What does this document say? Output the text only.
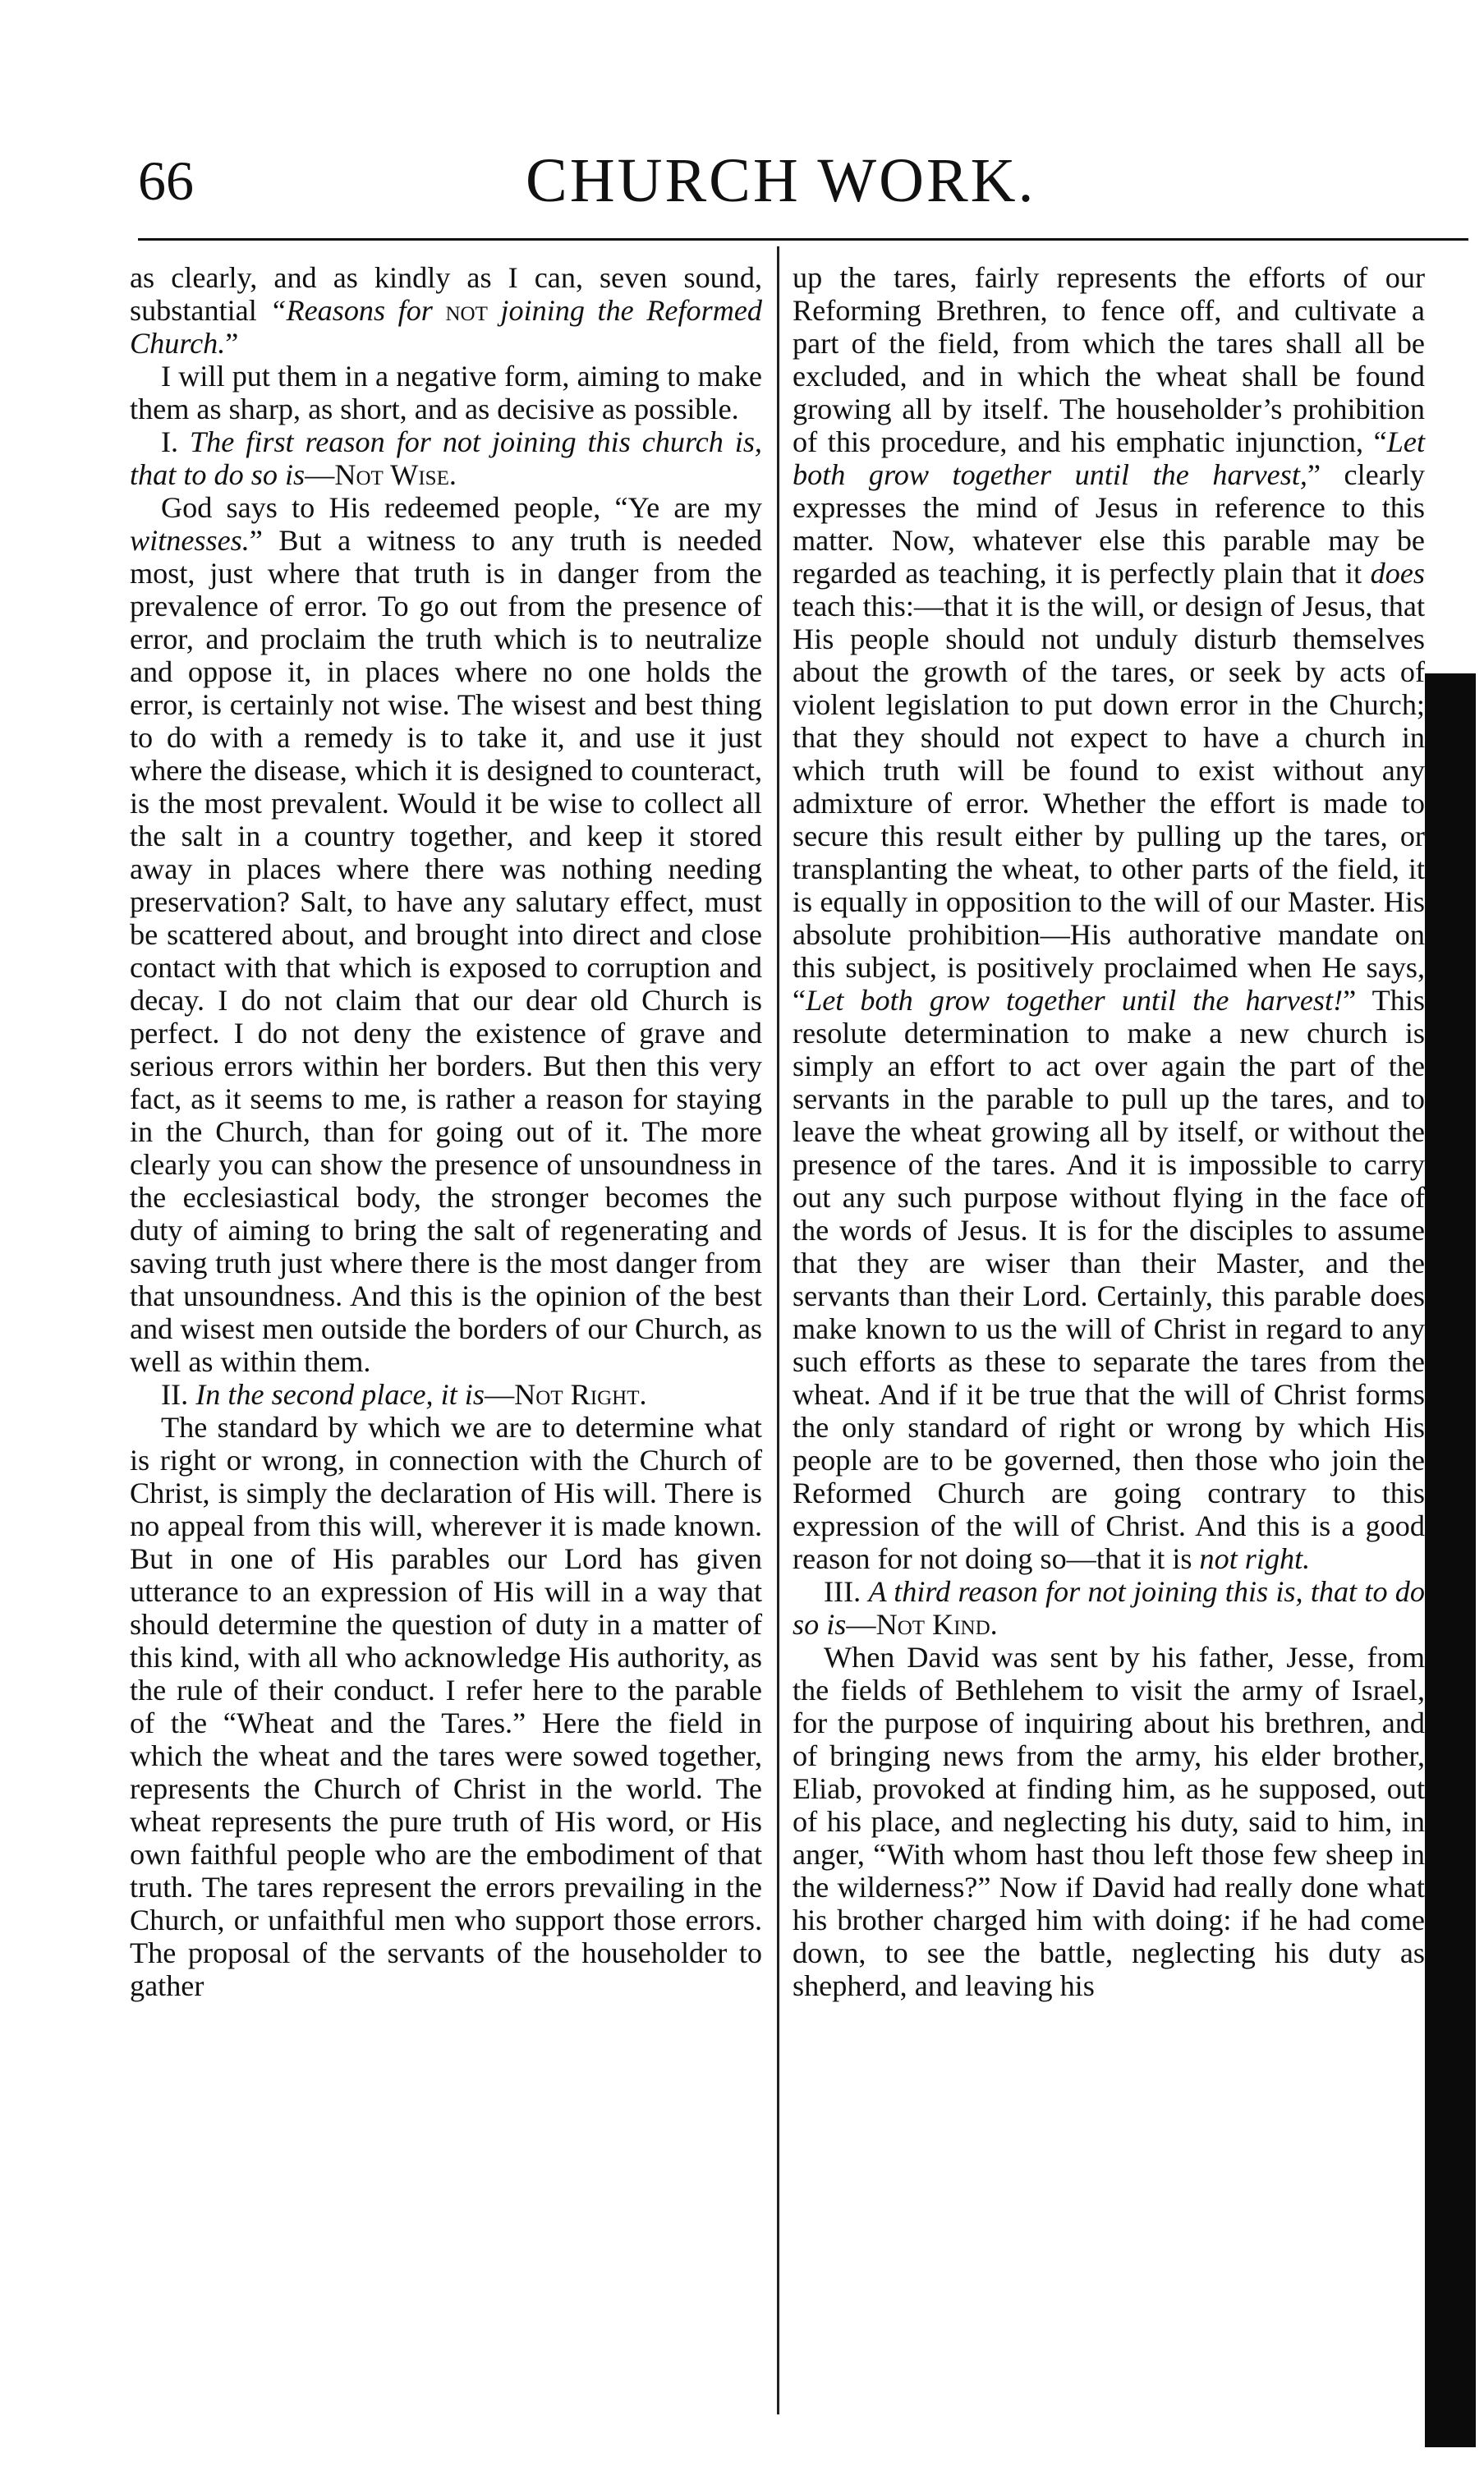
66	CHURCH WORK.

as clearly, and as kindly as I can, seven sound, substantial “Reasons for not joining the Reformed Church.”

I will put them in a negative form, aiming to make them as sharp, as short, and as decisive as possible.

I. The first reason for not joining this church is, that to do so is—Not Wise.

God says to His redeemed people, “Ye are my witnesses.” But a witness to any truth is needed most, just where that truth is in danger from the prevalence of error. To go out from the presence of error, and proclaim the truth which is to neutralize and oppose it, in places where no one holds the error, is certainly not wise. The wisest and best thing to do with a remedy is to take it, and use it just where the disease, which it is designed to counteract, is the most prevalent. Would it be wise to collect all the salt in a country together, and keep it stored away in places where there was nothing needing preservation? Salt, to have any salutary effect, must be scattered about, and brought into direct and close contact with that which is exposed to corruption and decay. I do not claim that our dear old Church is perfect. I do not deny the existence of grave and serious errors within her borders. But then this very fact, as it seems to me, is rather a reason for staying in the Church, than for going out of it. The more clearly you can show the presence of unsoundness in the ecclesiastical body, the stronger becomes the duty of aiming to bring the salt of regenerating and saving truth just where there is the most danger from that unsoundness. And this is the opinion of the best and wisest men outside the borders of our Church, as well as within them.

II. In the second place, it is—Not Right.

The standard by which we are to determine what is right or wrong, in connection with the Church of Christ, is simply the declaration of His will. There is no appeal from this will, wherever it is made known. But in one of His parables our Lord has given utterance to an expression of His will in a way that should determine the question of duty in a matter of this kind, with all who acknowledge His authority, as the rule of their conduct. I refer here to the parable of the “Wheat and the Tares.” Here the field in which the wheat and the tares were sowed together, represents the Church of Christ in the world. The wheat represents the pure truth of His word, or His own faithful people who are the embodiment of that truth. The tares represent the errors prevailing in the Church, or unfaithful men who support those errors. The proposal of the servants of the householder to gather

up the tares, fairly represents the efforts of our Reforming Brethren, to fence off, and cultivate a part of the field, from which the tares shall all be excluded, and in which the wheat shall be found growing all by itself. The householder’s prohibition of this procedure, and his emphatic injunction, “Let both grow together until the harvest,” clearly expresses the mind of Jesus in reference to this matter. Now, whatever else this parable may be regarded as teaching, it is perfectly plain that it does teach this:—that it is the will, or design of Jesus, that His people should not unduly disturb themselves about the growth of the tares, or seek by acts of violent legislation to put down error in the Church; that they should not expect to have a church in which truth will be found to exist without any admixture of error. Whether the effort is made to secure this result either by pulling up the tares, or transplanting the wheat, to other parts of the field, it is equally in opposition to the will of our Master. His absolute prohibition—His authorative mandate on this subject, is positively proclaimed when He says, “Let both grow together until the harvest!” This resolute determination to make a new church is simply an effort to act over again the part of the servants in the parable to pull up the tares, and to leave the wheat growing all by itself, or without the presence of the tares. And it is impossible to carry out any such purpose without flying in the face of the words of Jesus. It is for the disciples to assume that they are wiser than their Master, and the servants than their Lord. Certainly, this parable does make known to us the will of Christ in regard to any such efforts as these to separate the tares from the wheat. And if it be true that the will of Christ forms the only standard of right or wrong by which His people are to be governed, then those who join the Reformed Church are going contrary to this expression of the will of Christ. And this is a good reason for not doing so—that it is not right.

III. A third reason for not joining this is, that to do so is—Not Kind.

When David was sent by his father, Jesse, from the fields of Bethlehem to visit the army of Israel, for the purpose of inquiring about his brethren, and of bringing news from the army, his elder brother, Eliab, provoked at finding him, as he supposed, out of his place, and neglecting his duty, said to him, in anger, “With whom hast thou left those few sheep in the wilderness?” Now if David had really done what his brother charged him with doing: if he had come down, to see the battle, neglecting his duty as shepherd, and leaving his
